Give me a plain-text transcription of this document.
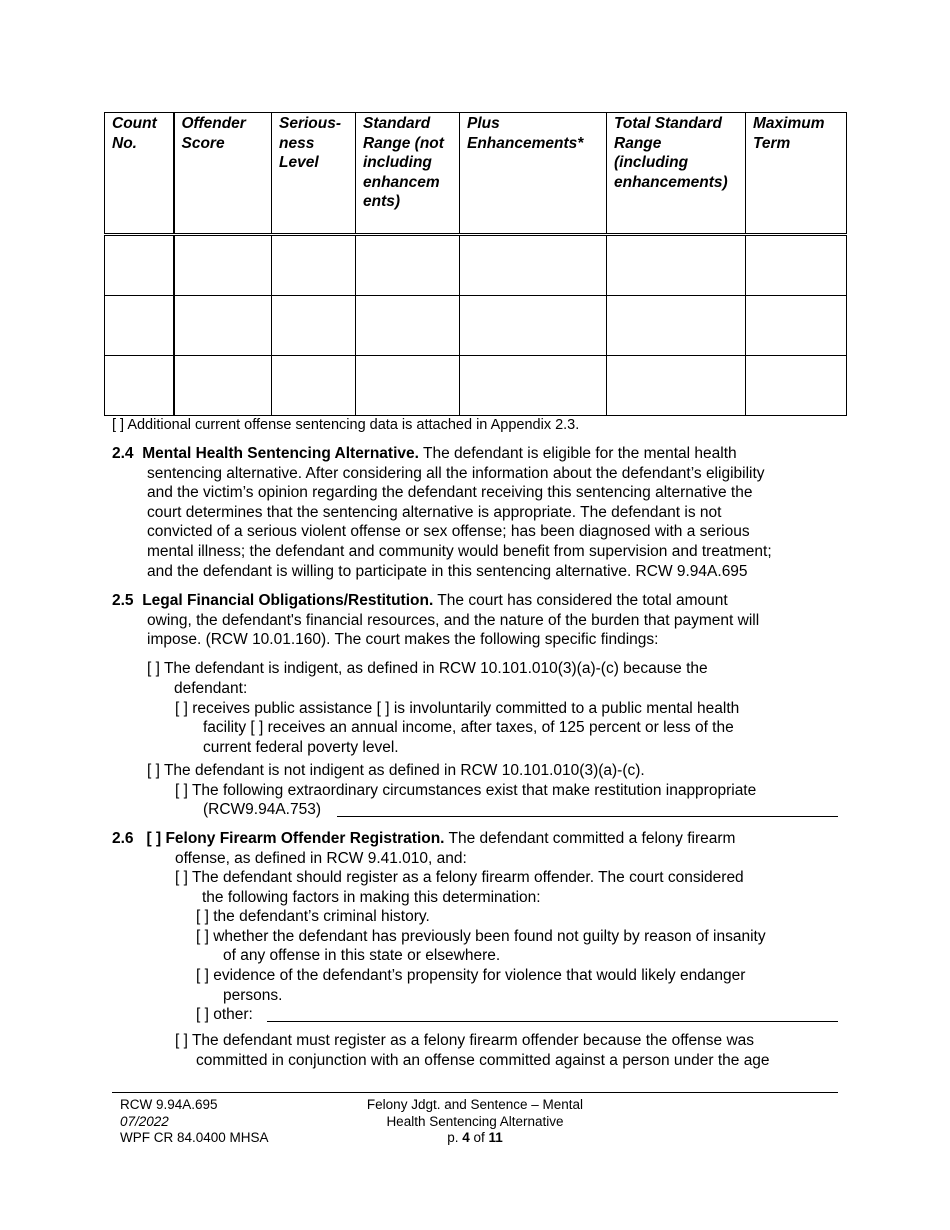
Count No.	Offender Score	Serious-ness Level	Standard Range (not including enhancem ents)	Plus Enhancements*	Total Standard Range (including enhancements)	Maximum Term

[ ] Additional current offense sentencing data is attached in Appendix 2.3.
2.4 Mental Health Sentencing Alternative. The defendant is eligible for the mental health
sentencing alternative. After considering all the information about the defendant’s eligibility
and the victim’s opinion regarding the defendant receiving this sentencing alternative the
court determines that the sentencing alternative is appropriate. The defendant is not
convicted of a serious violent offense or sex offense; has been diagnosed with a serious
mental illness; the defendant and community would benefit from supervision and treatment;
and the defendant is willing to participate in this sentencing alternative. RCW 9.94A.695
2.5 Legal Financial Obligations/Restitution. The court has considered the total amount
owing, the defendant's financial resources, and the nature of the burden that payment will
impose. (RCW 10.01.160). The court makes the following specific findings:
[ ] The defendant is indigent, as defined in RCW 10.101.010(3)(a)-(c) because the
defendant:
[ ] receives public assistance [ ] is involuntarily committed to a public mental health
facility [ ] receives an annual income, after taxes, of 125 percent or less of the
current federal poverty level.
[ ] The defendant is not indigent as defined in RCW 10.101.010(3)(a)-(c).
[ ] The following extraordinary circumstances exist that make restitution inappropriate
(RCW9.94A.753)
2.6 [ ] Felony Firearm Offender Registration. The defendant committed a felony firearm
offense, as defined in RCW 9.41.010, and:
[ ] The defendant should register as a felony firearm offender. The court considered
the following factors in making this determination:
[ ] the defendant’s criminal history.
[ ] whether the defendant has previously been found not guilty by reason of insanity
of any offense in this state or elsewhere.
[ ] evidence of the defendant’s propensity for violence that would likely endanger
persons.
[ ] other:
[ ] The defendant must register as a felony firearm offender because the offense was
committed in conjunction with an offense committed against a person under the age
RCW 9.94A.695
07/2022
WPF CR 84.0400 MHSA
Felony Jdgt. and Sentence – Mental
Health Sentencing Alternative
p. 4 of 11
